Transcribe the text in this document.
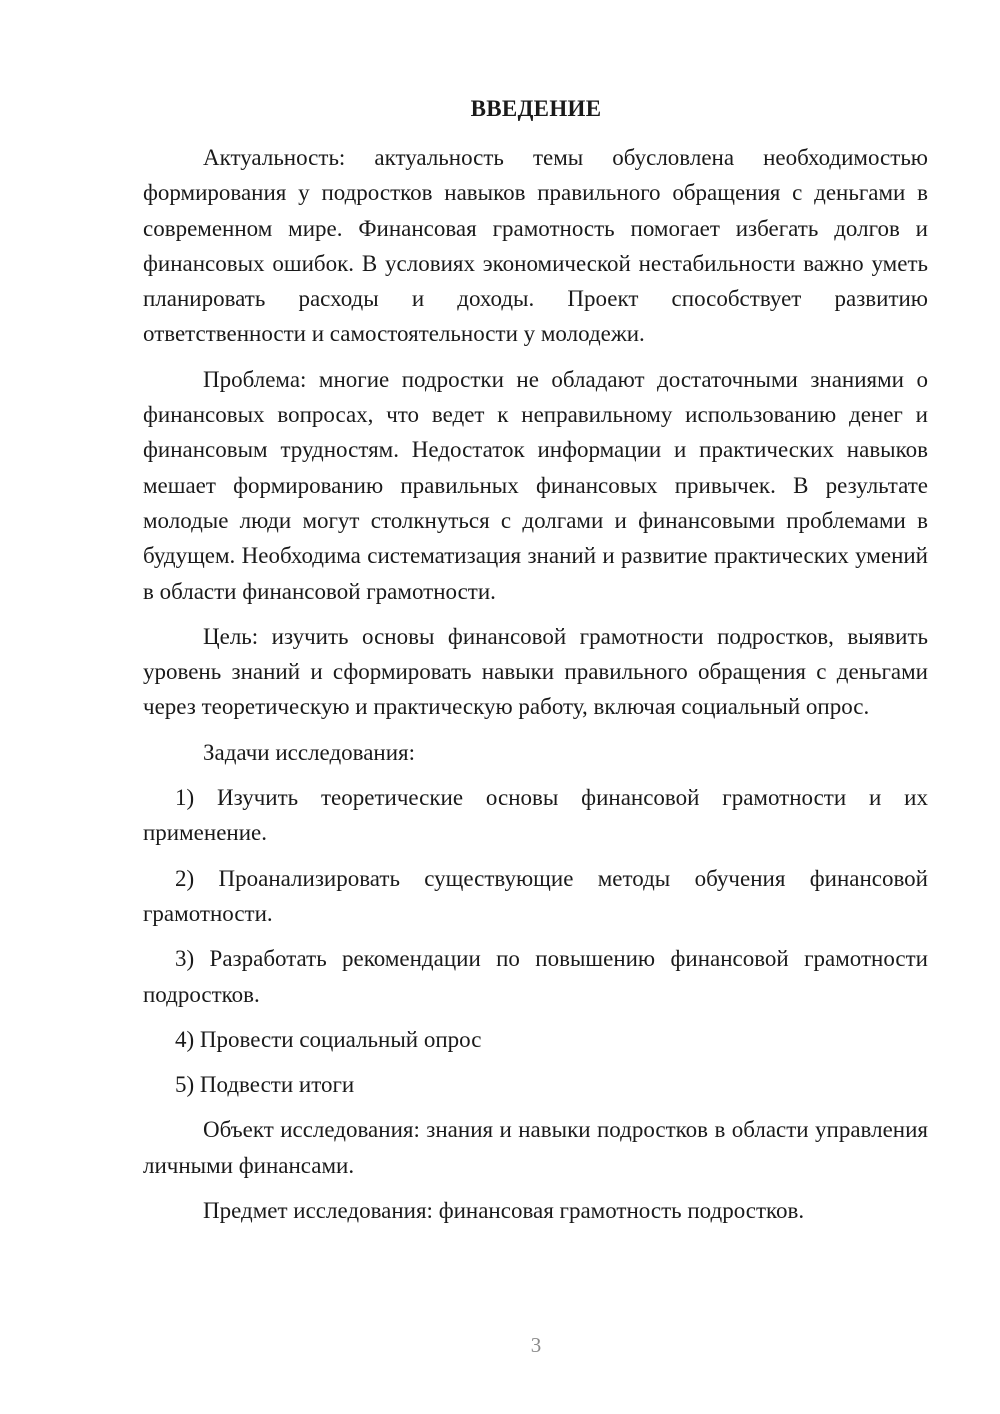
ВВЕДЕНИЕ

Актуальность: актуальность темы обусловлена необходимостью формирования у подростков навыков правильного обращения с деньгами в современном мире. Финансовая грамотность помогает избегать долгов и финансовых ошибок. В условиях экономической нестабильности важно уметь планировать расходы и доходы. Проект способствует развитию ответственности и самостоятельности у молодежи.

Проблема: многие подростки не обладают достаточными знаниями о финансовых вопросах, что ведет к неправильному использованию денег и финансовым трудностям. Недостаток информации и практических навыков мешает формированию правильных финансовых привычек. В результате молодые люди могут столкнуться с долгами и финансовыми проблемами в будущем. Необходима систематизация знаний и развитие практических умений в области финансовой грамотности.

Цель: изучить основы финансовой грамотности подростков, выявить уровень знаний и сформировать навыки правильного обращения с деньгами через теоретическую и практическую работу, включая социальный опрос.

Задачи исследования:

1) Изучить теоретические основы финансовой грамотности и их применение.

2) Проанализировать существующие методы обучения финансовой грамотности.

3) Разработать рекомендации по повышению финансовой грамотности подростков.

4) Провести социальный опрос

5) Подвести итоги

Объект исследования: знания и навыки подростков в области управления личными финансами.

Предмет исследования: финансовая грамотность подростков.

3
